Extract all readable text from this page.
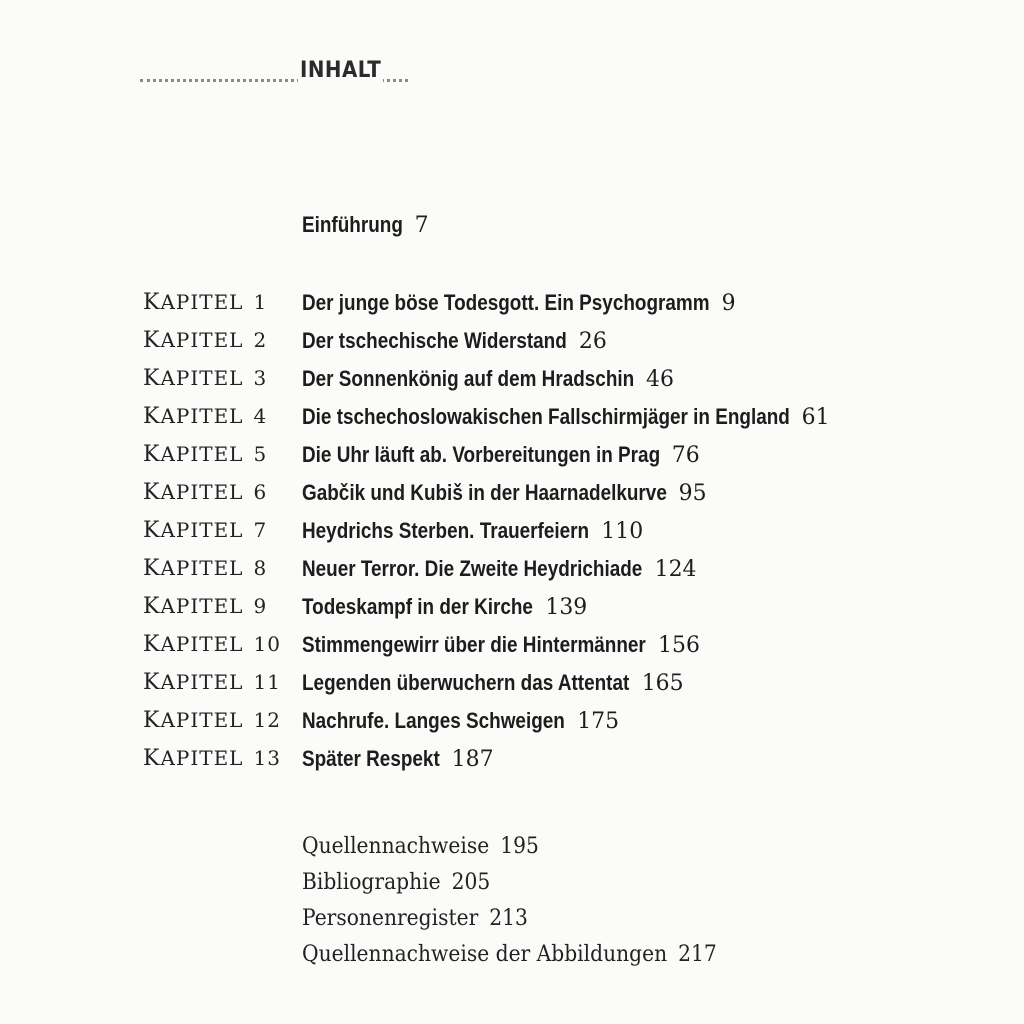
INHALT
Einführung 7
KAPITEL 1 Der junge böse Todesgott. Ein Psychogramm 9
KAPITEL 2 Der tschechische Widerstand 26
KAPITEL 3 Der Sonnenkönig auf dem Hradschin 46
KAPITEL 4 Die tschechoslowakischen Fallschirmjäger in England 61
KAPITEL 5 Die Uhr läuft ab. Vorbereitungen in Prag 76
KAPITEL 6 Gabčik und Kubiš in der Haarnadelkurve 95
KAPITEL 7 Heydrichs Sterben. Trauerfeiern 110
KAPITEL 8 Neuer Terror. Die Zweite Heydrichiade 124
KAPITEL 9 Todeskampf in der Kirche 139
KAPITEL 10 Stimmengewirr über die Hintermänner 156
KAPITEL 11 Legenden überwuchern das Attentat 165
KAPITEL 12 Nachrufe. Langes Schweigen 175
KAPITEL 13 Später Respekt 187
Quellennachweise 195
Bibliographie 205
Personenregister 213
Quellennachweise der Abbildungen 217
